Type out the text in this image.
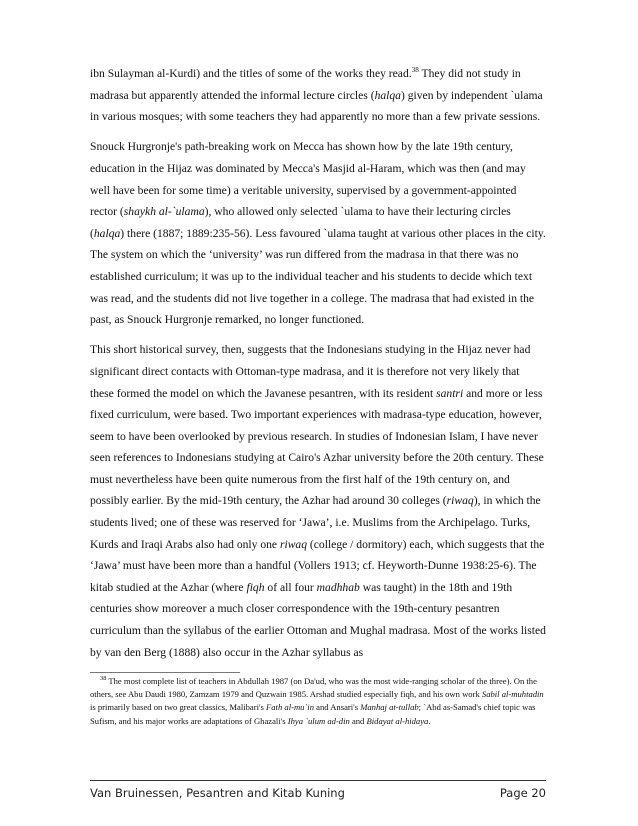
ibn Sulayman al-Kurdi) and the titles of some of the works they read.$^{38}$ They did not study in madrasa but apparently attended the informal lecture circles (halqa) given by independent `ulama in various mosques; with some teachers they had apparently no more than a few private sessions.

Snouck Hurgronje's path-breaking work on Mecca has shown how by the late 19th century, education in the Hijaz was dominated by Mecca's Masjid al-Haram, which was then (and may well have been for some time) a veritable university, supervised by a government-appointed rector (shaykh al-`ulama), who allowed only selected `ulama to have their lecturing circles (halqa) there (1887; 1889:235-56). Less favoured `ulama taught at various other places in the city. The system on which the ‘university’ was run differed from the madrasa in that there was no established curriculum; it was up to the individual teacher and his students to decide which text was read, and the students did not live together in a college. The madrasa that had existed in the past, as Snouck Hurgronje remarked, no longer functioned.

This short historical survey, then, suggests that the Indonesians studying in the Hijaz never had significant direct contacts with Ottoman-type madrasa, and it is therefore not very likely that these formed the model on which the Javanese pesantren, with its resident santri and more or less fixed curriculum, were based. Two important experiences with madrasa-type education, however, seem to have been overlooked by previous research. In studies of Indonesian Islam, I have never seen references to Indonesians studying at Cairo's Azhar university before the 20th century. These must nevertheless have been quite numerous from the first half of the 19th century on, and possibly earlier. By the mid-19th century, the Azhar had around 30 colleges (riwaq), in which the students lived; one of these was reserved for ‘Jawa’, i.e. Muslims from the Archipelago. Turks, Kurds and Iraqi Arabs also had only one riwaq (college / dormitory) each, which suggests that the ‘Jawa’ must have been more than a handful (Vollers 1913; cf. Heyworth-Dunne 1938:25-6). The kitab studied at the Azhar (where fiqh of all four madhhab was taught) in the 18th and 19th centuries show moreover a much closer correspondence with the 19th-century pesantren curriculum than the syllabus of the earlier Ottoman and Mughal madrasa. Most of the works listed by van den Berg (1888) also occur in the Azhar syllabus as

$^{38}$ The most complete list of teachers in Abdullah 1987 (on Da'ud, who was the most wide-ranging scholar of the three). On the others, see Abu Daudi 1980, Zamzam 1979 and Quzwain 1985. Arshad studied especially fiqh, and his own work Sabil al-muhtadin is primarily based on two great classics, Malibari's Fath al-mu`in and Ansari's Manhaj at-tullab; `Abd as-Samad's chief topic was Sufism, and his major works are adaptations of Ghazali's Ihya `ulum ad-din and Bidayat al-hidaya.

Van Bruinessen, Pesantren and Kitab Kuning	Page 20
